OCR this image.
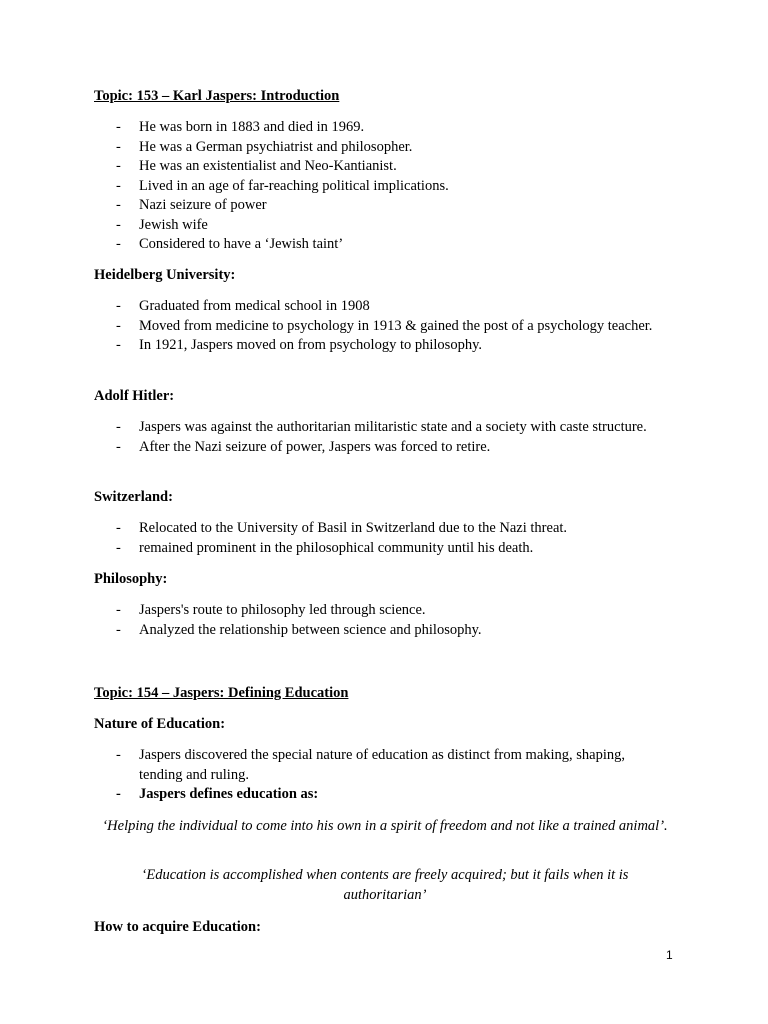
Topic: 153 – Karl Jaspers: Introduction

- He was born in 1883 and died in 1969.
- He was a German psychiatrist and philosopher.
- He was an existentialist and Neo-Kantianist.
- Lived in an age of far-reaching political implications.
- Nazi seizure of power
- Jewish wife
- Considered to have a ‘Jewish taint’

Heidelberg University:

- Graduated from medical school in 1908
- Moved from medicine to psychology in 1913 & gained the post of a psychology teacher.
- In 1921, Jaspers moved on from psychology to philosophy.

Adolf Hitler:

- Jaspers was against the authoritarian militaristic state and a society with caste structure.
- After the Nazi seizure of power, Jaspers was forced to retire.

Switzerland:

- Relocated to the University of Basil in Switzerland due to the Nazi threat.
- remained prominent in the philosophical community until his death.

Philosophy:

- Jaspers's route to philosophy led through science.
- Analyzed the relationship between science and philosophy.

Topic: 154 – Jaspers: Defining Education

Nature of Education:

- Jaspers discovered the special nature of education as distinct from making, shaping, tending and ruling.
- Jaspers defines education as:

‘Helping the individual to come into his own in a spirit of freedom and not like a trained animal’.

‘Education is accomplished when contents are freely acquired; but it fails when it is authoritarian’

How to acquire Education:

1
